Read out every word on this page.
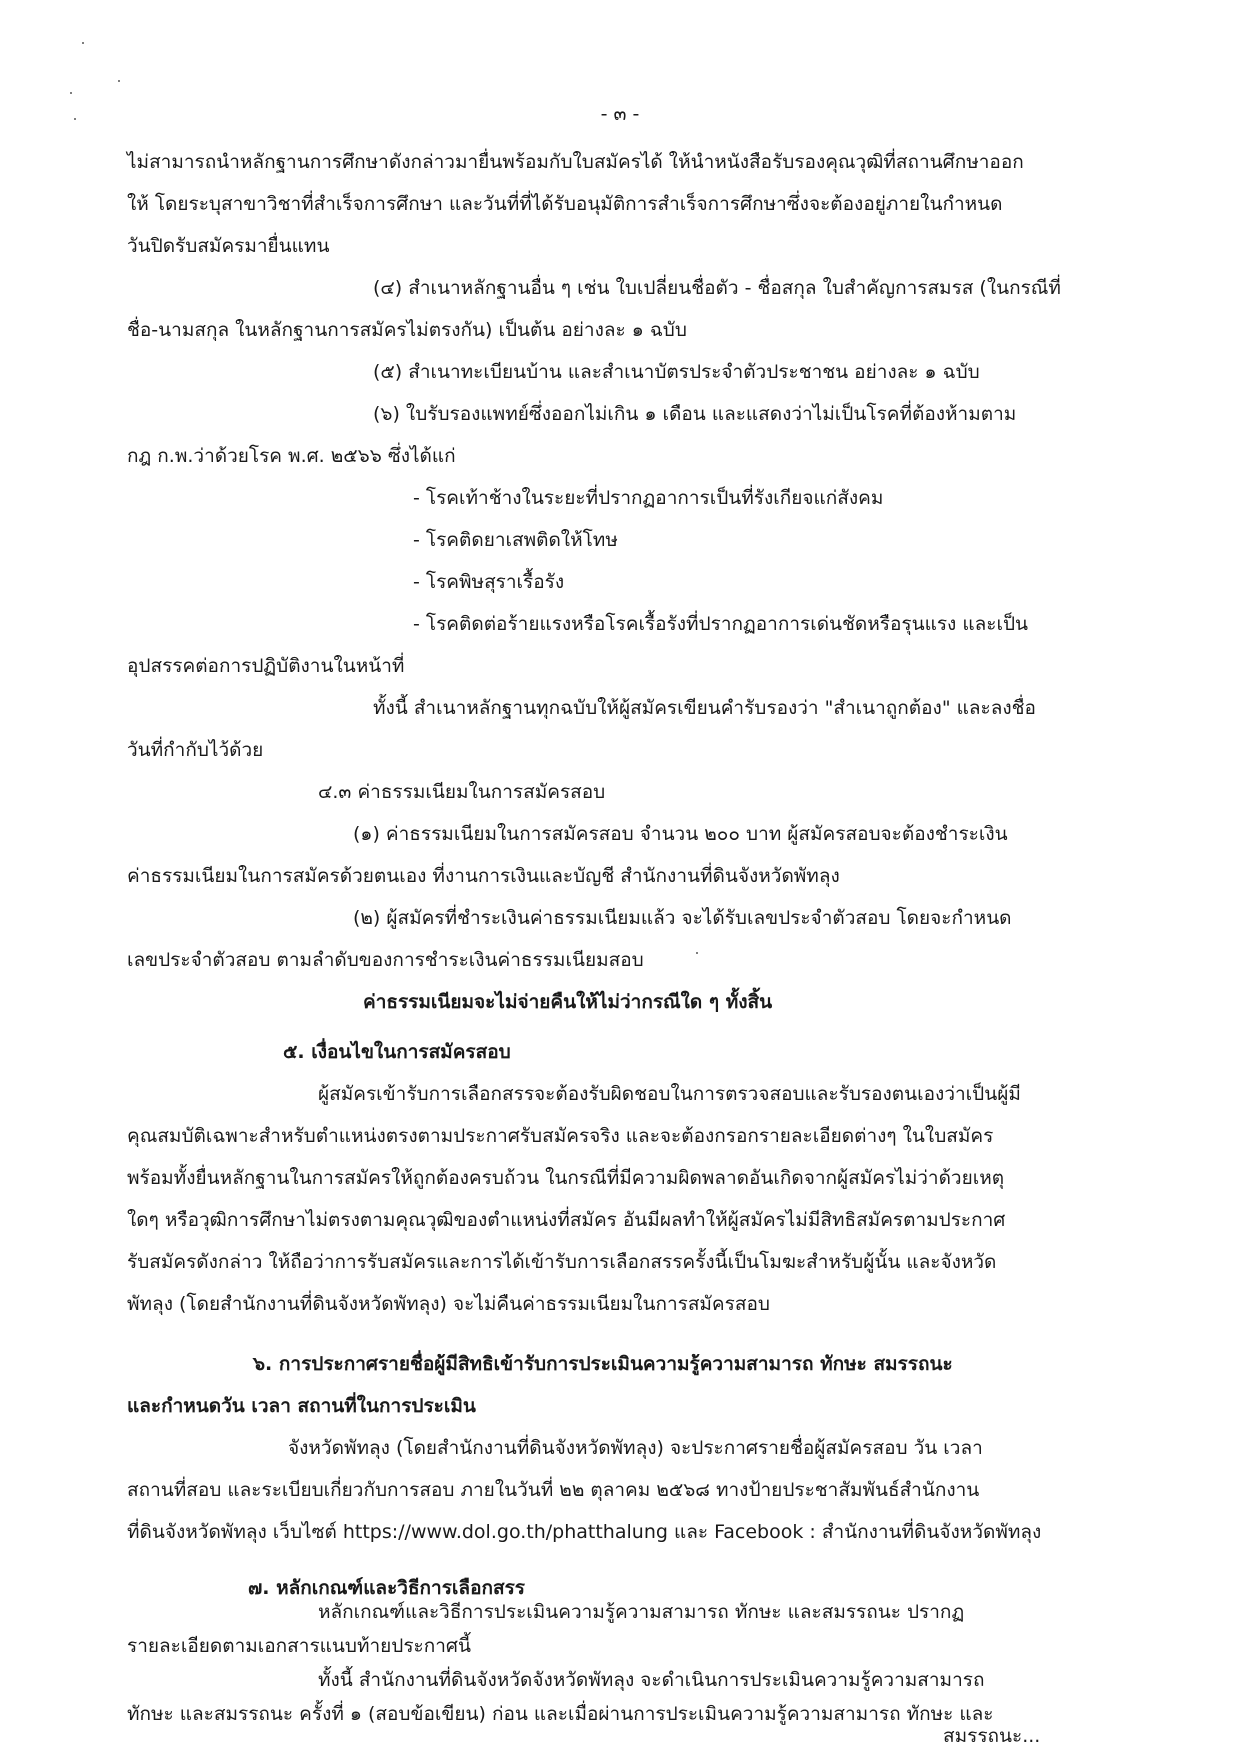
- ๓ -
ไม่สามารถนำหลักฐานการศึกษาดังกล่าวมายื่นพร้อมกับใบสมัครได้ ให้นำหนังสือรับรองคุณวุฒิที่สถานศึกษาออก
ให้ โดยระบุสาขาวิชาที่สำเร็จการศึกษา และวันที่ที่ได้รับอนุมัติการสำเร็จการศึกษาซึ่งจะต้องอยู่ภายในกำหนด
วันปิดรับสมัครมายื่นแทน
(๔) สำเนาหลักฐานอื่น ๆ เช่น ใบเปลี่ยนชื่อตัว - ชื่อสกุล ใบสำคัญการสมรส (ในกรณีที่
ชื่อ-นามสกุล ในหลักฐานการสมัครไม่ตรงกัน) เป็นต้น อย่างละ ๑ ฉบับ
(๕) สำเนาทะเบียนบ้าน และสำเนาบัตรประจำตัวประชาชน อย่างละ ๑ ฉบับ
(๖) ใบรับรองแพทย์ซึ่งออกไม่เกิน ๑ เดือน และแสดงว่าไม่เป็นโรคที่ต้องห้ามตาม
กฎ ก.พ.ว่าด้วยโรค พ.ศ. ๒๕๖๖ ซึ่งได้แก่
- โรคเท้าช้างในระยะที่ปรากฏอาการเป็นที่รังเกียจแก่สังคม
- โรคติดยาเสพติดให้โทษ
- โรคพิษสุราเรื้อรัง
- โรคติดต่อร้ายแรงหรือโรคเรื้อรังที่ปรากฏอาการเด่นชัดหรือรุนแรง และเป็น
อุปสรรคต่อการปฏิบัติงานในหน้าที่
ทั้งนี้ สำเนาหลักฐานทุกฉบับให้ผู้สมัครเขียนคำรับรองว่า "สำเนาถูกต้อง" และลงชื่อ
วันที่กำกับไว้ด้วย
๔.๓ ค่าธรรมเนียมในการสมัครสอบ
(๑) ค่าธรรมเนียมในการสมัครสอบ จำนวน ๒๐๐ บาท ผู้สมัครสอบจะต้องชำระเงิน
ค่าธรรมเนียมในการสมัครด้วยตนเอง ที่งานการเงินและบัญชี สำนักงานที่ดินจังหวัดพัทลุง
(๒) ผู้สมัครที่ชำระเงินค่าธรรมเนียมแล้ว จะได้รับเลขประจำตัวสอบ โดยจะกำหนด
เลขประจำตัวสอบ ตามลำดับของการชำระเงินค่าธรรมเนียมสอบ
ค่าธรรมเนียมจะไม่จ่ายคืนให้ไม่ว่ากรณีใด ๆ ทั้งสิ้น
๕. เงื่อนไขในการสมัครสอบ
ผู้สมัครเข้ารับการเลือกสรรจะต้องรับผิดชอบในการตรวจสอบและรับรองตนเองว่าเป็นผู้มี
คุณสมบัติเฉพาะสำหรับตำแหน่งตรงตามประกาศรับสมัครจริง และจะต้องกรอกรายละเอียดต่างๆ ในใบสมัคร
พร้อมทั้งยื่นหลักฐานในการสมัครให้ถูกต้องครบถ้วน ในกรณีที่มีความผิดพลาดอันเกิดจากผู้สมัครไม่ว่าด้วยเหตุ
ใดๆ หรือวุฒิการศึกษาไม่ตรงตามคุณวุฒิของตำแหน่งที่สมัคร อันมีผลทำให้ผู้สมัครไม่มีสิทธิสมัครตามประกาศ
รับสมัครดังกล่าว ให้ถือว่าการรับสมัครและการได้เข้ารับการเลือกสรรครั้งนี้เป็นโมฆะสำหรับผู้นั้น และจังหวัด
พัทลุง (โดยสำนักงานที่ดินจังหวัดพัทลุง) จะไม่คืนค่าธรรมเนียมในการสมัครสอบ
๖. การประกาศรายชื่อผู้มีสิทธิเข้ารับการประเมินความรู้ความสามารถ ทักษะ สมรรถนะ
และกำหนดวัน เวลา สถานที่ในการประเมิน
จังหวัดพัทลุง (โดยสำนักงานที่ดินจังหวัดพัทลุง) จะประกาศรายชื่อผู้สมัครสอบ วัน เวลา
สถานที่สอบ และระเบียบเกี่ยวกับการสอบ ภายในวันที่ ๒๒ ตุลาคม ๒๕๖๘ ทางป้ายประชาสัมพันธ์สำนักงาน
ที่ดินจังหวัดพัทลุง เว็บไซต์ https://www.dol.go.th/phatthalung และ Facebook : สำนักงานที่ดินจังหวัดพัทลุง
๗. หลักเกณฑ์และวิธีการเลือกสรร
หลักเกณฑ์และวิธีการประเมินความรู้ความสามารถ ทักษะ และสมรรถนะ ปรากฏ
รายละเอียดตามเอกสารแนบท้ายประกาศนี้
ทั้งนี้ สำนักงานที่ดินจังหวัดจังหวัดพัทลุง จะดำเนินการประเมินความรู้ความสามารถ
ทักษะ และสมรรถนะ ครั้งที่ ๑ (สอบข้อเขียน) ก่อน และเมื่อผ่านการประเมินความรู้ความสามารถ ทักษะ และ
สมรรถนะ...
